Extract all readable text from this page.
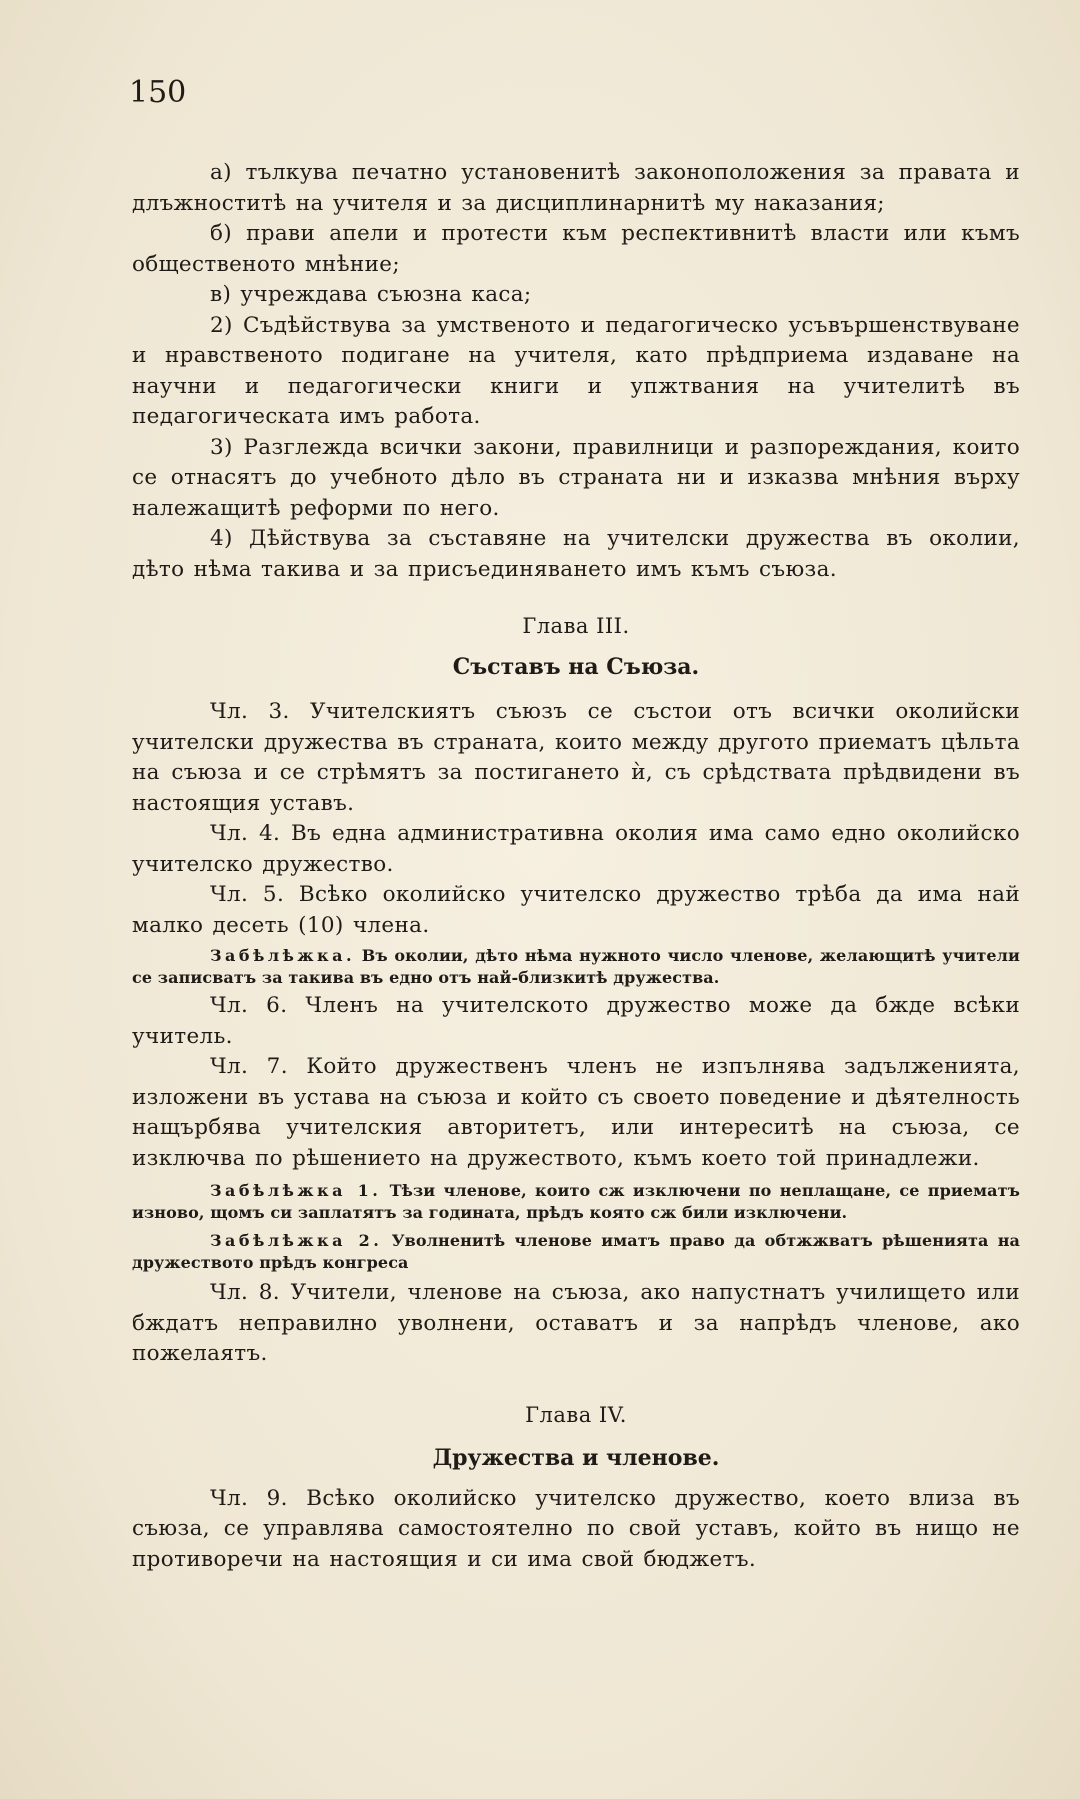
150

а) тълкува печатно установенитѣ законоположения за правата и длъжноститѣ на учителя и за дисциплинарнитѣ му наказания;

б) прави апели и протести към респективнитѣ власти или къмъ общественото мнѣние;

в) учреждава съюзна каса;

2) Съдѣйствува за умственото и педагогическо усъвършенствуване и нравственото подигане на учителя, като прѣдприема издаване на научни и педагогически книги и упжтвания на учителитѣ въ педагогическата имъ работа.

3) Разглежда всички закони, правилници и разпореждания, които се отнасятъ до учебното дѣло въ страната ни и изказва мнѣния върху належащитѣ реформи по него.

4) Дѣйствува за съставяне на учителски дружества въ околии, дѣто нѣма такива и за присъединяването имъ къмъ съюза.

Глава III.

Съставъ на Съюза.

Чл. 3. Учителскиятъ съюзъ се състои отъ всички околийски учителски дружества въ страната, които между другото приематъ цѣльта на съюза и се стрѣмятъ за постигането ѝ, съ срѣдствата прѣдвидени въ настоящия уставъ.

Чл. 4. Въ една административна околия има само едно околийско учителско дружество.

Чл. 5. Всѣко околийско учителско дружество трѣба да има най малко десеть (10) члена.

Забѣлѣжка. Въ околии, дѣто нѣма нужното число членове, желающитѣ учители се записватъ за такива въ едно отъ най-близкитѣ дружества.

Чл. 6. Членъ на учителското дружество може да бжде всѣки учитель.

Чл. 7. Който дружественъ членъ не изпълнява задълженията, изложени въ устава на съюза и който съ своето поведение и дѣятелность нащърбява учителския авторитетъ, или интереситѣ на съюза, се изключва по рѣшението на дружеството, къмъ което той принадлежи.

Забѣлѣжка 1. Тѣзи членове, които сж изключени по неплащане, се приематъ изново, щомъ си заплатятъ за годината, прѣдъ която сж били изключени.

Забѣлѣжка 2. Уволненитѣ членове иматъ право да обтжжватъ рѣшенията на дружеството прѣдъ конгреса

Чл. 8. Учители, членове на съюза, ако напустнатъ училището или бждатъ неправилно уволнени, оставатъ и за напрѣдъ членове, ако пожелаятъ.

Глава IV.

Дружества и членове.

Чл. 9. Всѣко околийско учителско дружество, което влиза въ съюза, се управлява самостоятелно по свой уставъ, който въ нищо не противоречи на настоящия и си има свой бюджетъ.
